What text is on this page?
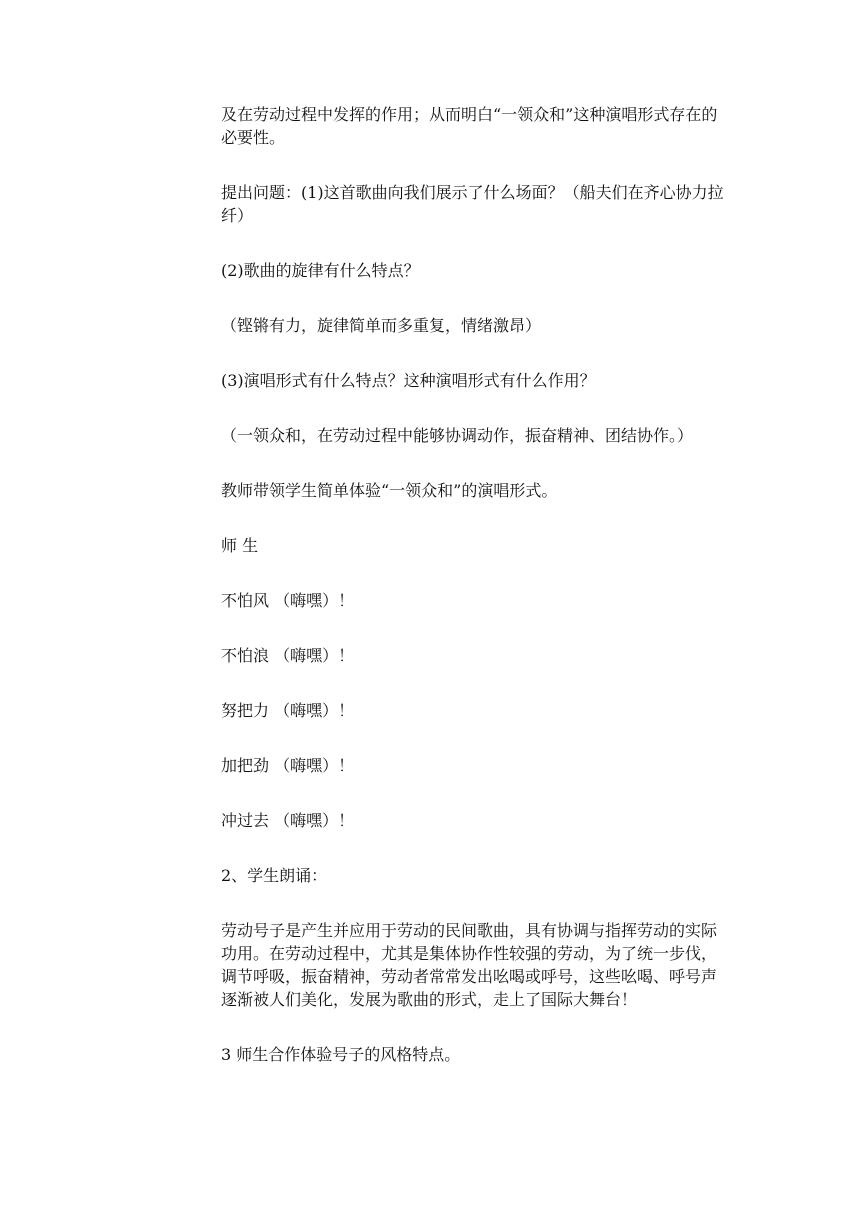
及在劳动过程中发挥的作用；从而明白“一领众和”这种演唱形式存在的必要性。

提出问题：(1)这首歌曲向我们展示了什么场面？（船夫们在齐心协力拉纤）

(2)歌曲的旋律有什么特点？

（铿锵有力，旋律简单而多重复，情绪激昂）

(3)演唱形式有什么特点？这种演唱形式有什么作用？

（一领众和，在劳动过程中能够协调动作，振奋精神、团结协作。）

教师带领学生简单体验“一领众和”的演唱形式。

师 生

不怕风 （嗨嘿）！

不怕浪 （嗨嘿）！

努把力 （嗨嘿）！

加把劲 （嗨嘿）！

冲过去 （嗨嘿）！

2、学生朗诵：

劳动号子是产生并应用于劳动的民间歌曲，具有协调与指挥劳动的实际功用。在劳动过程中，尤其是集体协作性较强的劳动，为了统一步伐，调节呼吸，振奋精神，劳动者常常发出吆喝或呼号，这些吆喝、呼号声逐渐被人们美化，发展为歌曲的形式，走上了国际大舞台！

3 师生合作体验号子的风格特点。
